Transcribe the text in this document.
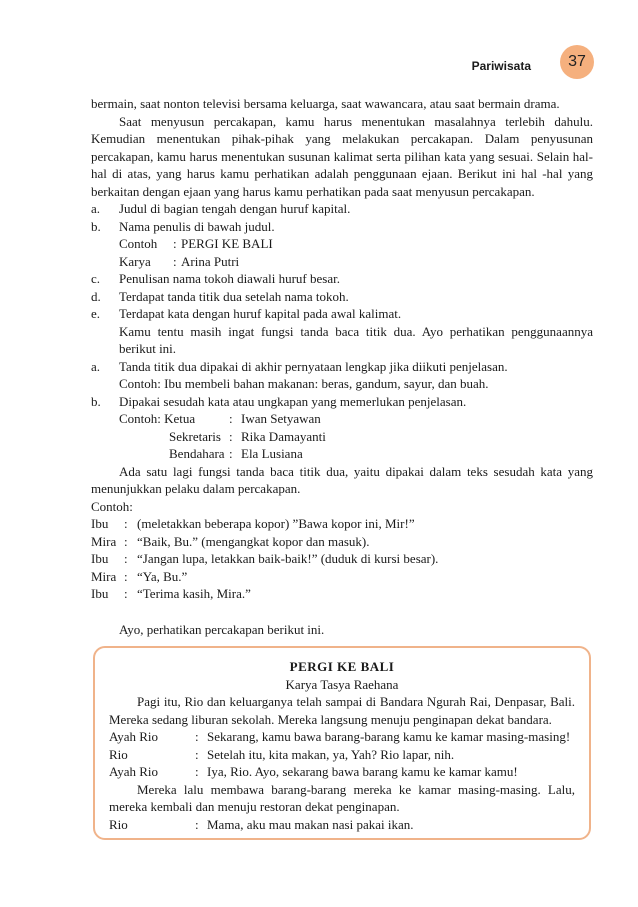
Pariwisata	37

bermain, saat nonton televisi bersama keluarga, saat wawancara, atau saat bermain drama.

Saat menyusun percakapan, kamu harus menentukan masalahnya terlebih dahulu. Kemudian menentukan pihak-pihak yang melakukan percakapan. Dalam penyusunan percakapan, kamu harus menentukan susunan kalimat serta pilihan kata yang sesuai. Selain hal-hal di atas, yang harus kamu perhatikan adalah penggunaan ejaan. Berikut ini hal -hal yang berkaitan dengan ejaan yang harus kamu perhatikan pada saat menyusun percakapan.

a.	Judul di bagian tengah dengan huruf kapital.
b.	Nama penulis di bawah judul.
Contoh	: PERGI KE BALI
Karya	: Arina Putri
c.	Penulisan nama tokoh diawali huruf besar.
d.	Terdapat tanda titik dua setelah nama tokoh.
e.	Terdapat kata dengan huruf kapital pada awal kalimat.

Kamu tentu masih ingat fungsi tanda baca titik dua. Ayo perhatikan penggunaannya berikut ini.

a.	Tanda titik dua dipakai di akhir pernyataan lengkap jika diikuti penjelasan.

Contoh: Ibu membeli bahan makanan: beras, gandum, sayur, dan buah.

b.	Dipakai sesudah kata atau ungkapan yang memerlukan penjelasan.
Contoh: Ketua	: Iwan Setyawan
Sekretaris : Rika Damayanti
Bendahara : Ela Lusiana

Ada satu lagi fungsi tanda baca titik dua, yaitu dipakai dalam teks sesudah kata yang menunjukkan pelaku dalam percakapan.

Contoh:

Ibu	: (meletakkan beberapa kopor) ”Bawa kopor ini, Mir!”
Mira : “Baik, Bu.” (mengangkat kopor dan masuk).
Ibu	: “Jangan lupa, letakkan baik-baik!” (duduk di kursi besar).
Mira : “Ya, Bu.”
Ibu	: “Terima kasih, Mira.”

Ayo, perhatikan percakapan berikut ini.

PERGI KE BALI

Karya Tasya Raehana

Pagi itu, Rio dan keluarganya telah sampai di Bandara Ngurah Rai, Denpasar, Bali. Mereka sedang liburan sekolah. Mereka langsung menuju penginapan dekat bandara.

Ayah Rio	: Sekarang, kamu bawa barang-barang kamu ke kamar masing-masing!
Rio	: Setelah itu, kita makan, ya, Yah? Rio lapar, nih.
Ayah Rio	: Iya, Rio. Ayo, sekarang bawa barang kamu ke kamar kamu!

Mereka lalu membawa barang-barang mereka ke kamar masing-masing. Lalu, mereka kembali dan menuju restoran dekat penginapan.

Rio	: Mama, aku mau makan nasi pakai ikan.
